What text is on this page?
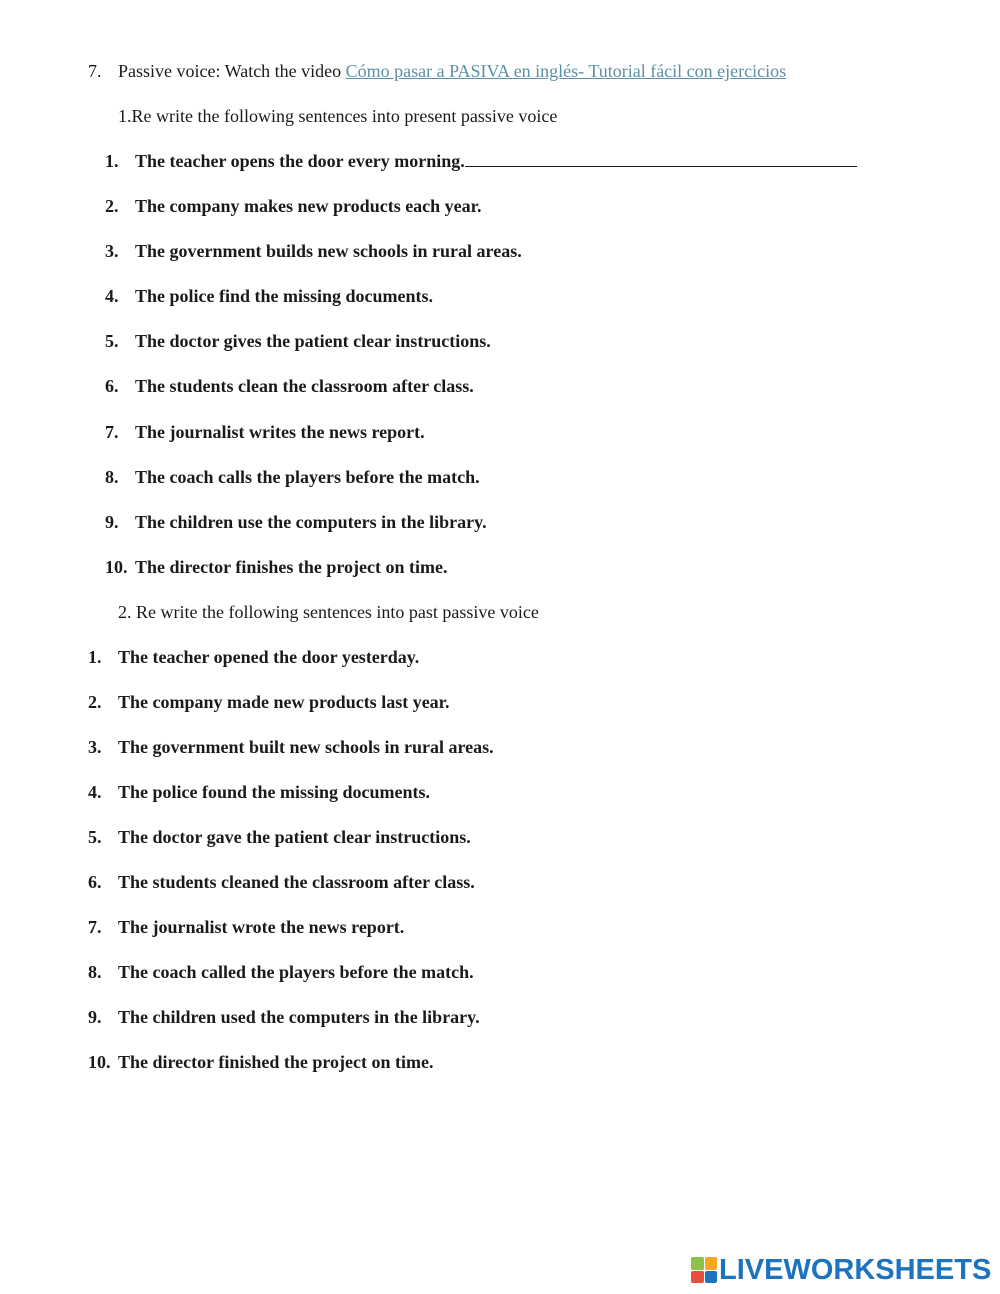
7. Passive voice: Watch the video Cómo pasar a PASIVA en inglés- Tutorial fácil con ejercicios
1.Re write the following sentences into present passive voice
1. The teacher opens the door every morning.
2. The company makes new products each year.
3. The government builds new schools in rural areas.
4. The police find the missing documents.
5. The doctor gives the patient clear instructions.
6. The students clean the classroom after class.
7. The journalist writes the news report.
8. The coach calls the players before the match.
9. The children use the computers in the library.
10. The director finishes the project on time.
2. Re write the following sentences into past passive voice
1. The teacher opened the door yesterday.
2. The company made new products last year.
3. The government built new schools in rural areas.
4. The police found the missing documents.
5. The doctor gave the patient clear instructions.
6. The students cleaned the classroom after class.
7. The journalist wrote the news report.
8. The coach called the players before the match.
9. The children used the computers in the library.
10. The director finished the project on time.
LIVEWORKSHEETS
